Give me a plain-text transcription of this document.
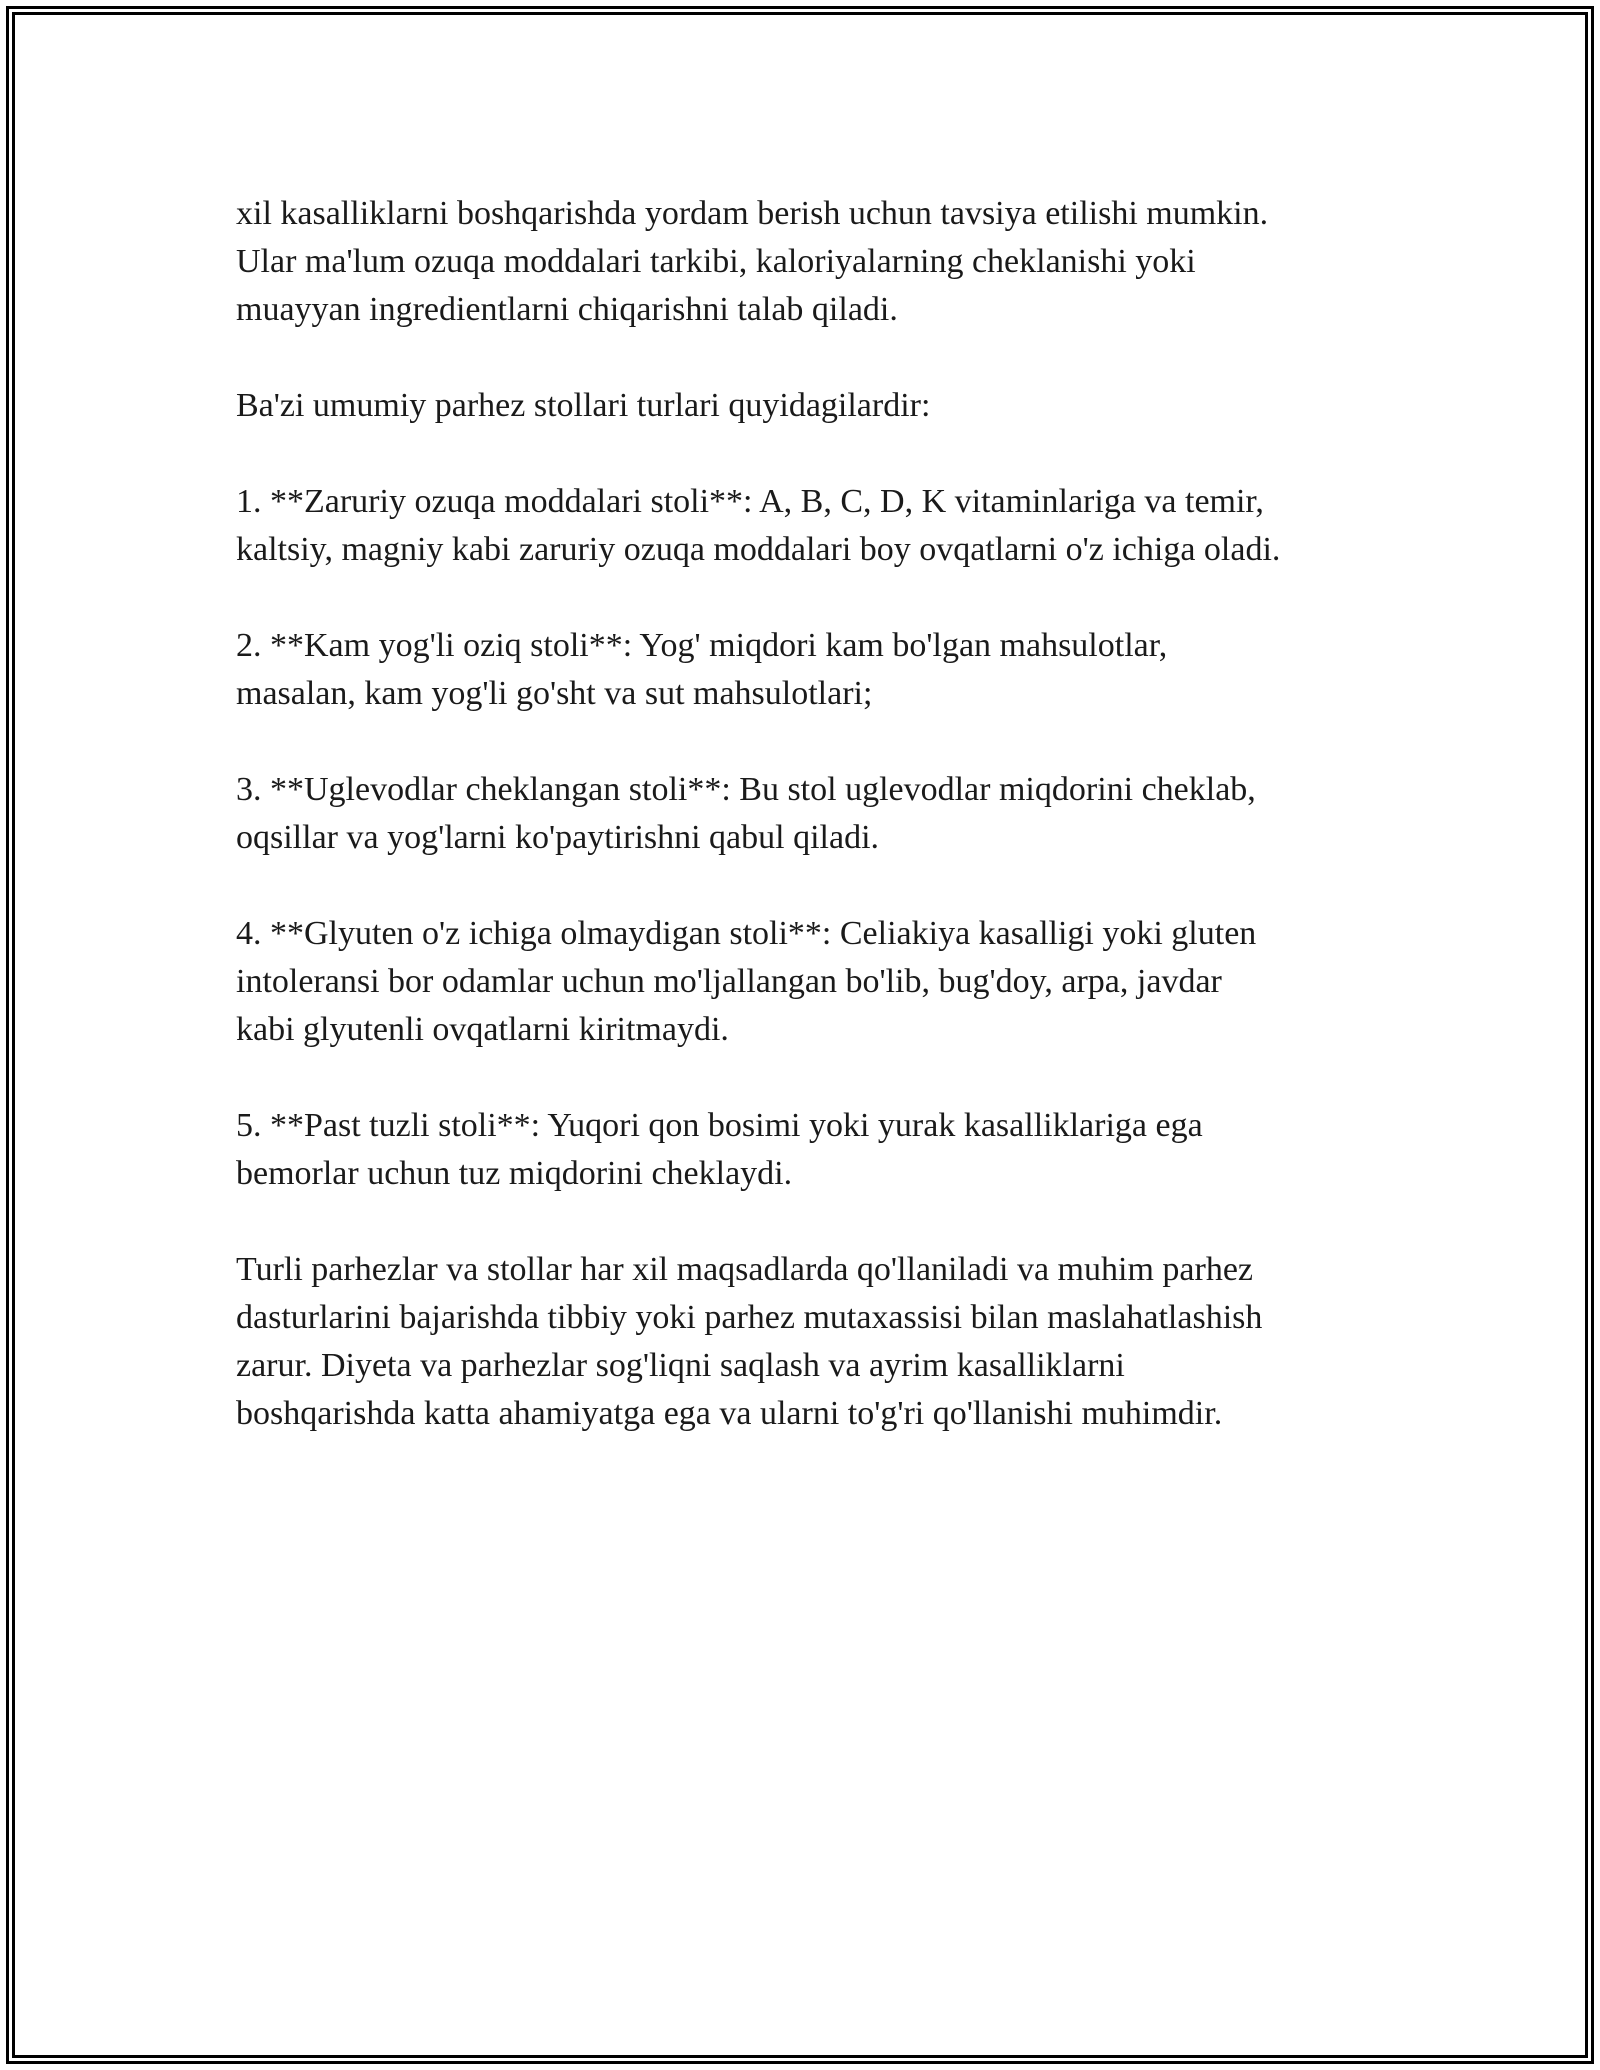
xil kasalliklarni boshqarishda yordam berish uchun tavsiya etilishi mumkin.
Ular ma'lum ozuqa moddalari tarkibi, kaloriyalarning cheklanishi yoki
muayyan ingredientlarni chiqarishni talab qiladi.

Ba'zi umumiy parhez stollari turlari quyidagilardir:

1. **Zaruriy ozuqa moddalari stoli**: A, B, C, D, K vitaminlariga va temir,
kaltsiy, magniy kabi zaruriy ozuqa moddalari boy ovqatlarni o'z ichiga oladi.

2. **Kam yog'li oziq stoli**: Yog' miqdori kam bo'lgan mahsulotlar,
masalan, kam yog'li go'sht va sut mahsulotlari;

3. **Uglevodlar cheklangan stoli**: Bu stol uglevodlar miqdorini cheklab,
oqsillar va yog'larni ko'paytirishni qabul qiladi.

4. **Glyuten o'z ichiga olmaydigan stoli**: Celiakiya kasalligi yoki gluten
intoleransi bor odamlar uchun mo'ljallangan bo'lib, bug'doy, arpa, javdar
kabi glyutenli ovqatlarni kiritmaydi.

5. **Past tuzli stoli**: Yuqori qon bosimi yoki yurak kasalliklariga ega
bemorlar uchun tuz miqdorini cheklaydi.

Turli parhezlar va stollar har xil maqsadlarda qo'llaniladi va muhim parhez
dasturlarini bajarishda tibbiy yoki parhez mutaxassisi bilan maslahatlashish
zarur. Diyeta va parhezlar sog'liqni saqlash va ayrim kasalliklarni
boshqarishda katta ahamiyatga ega va ularni to'g'ri qo'llanishi muhimdir.
